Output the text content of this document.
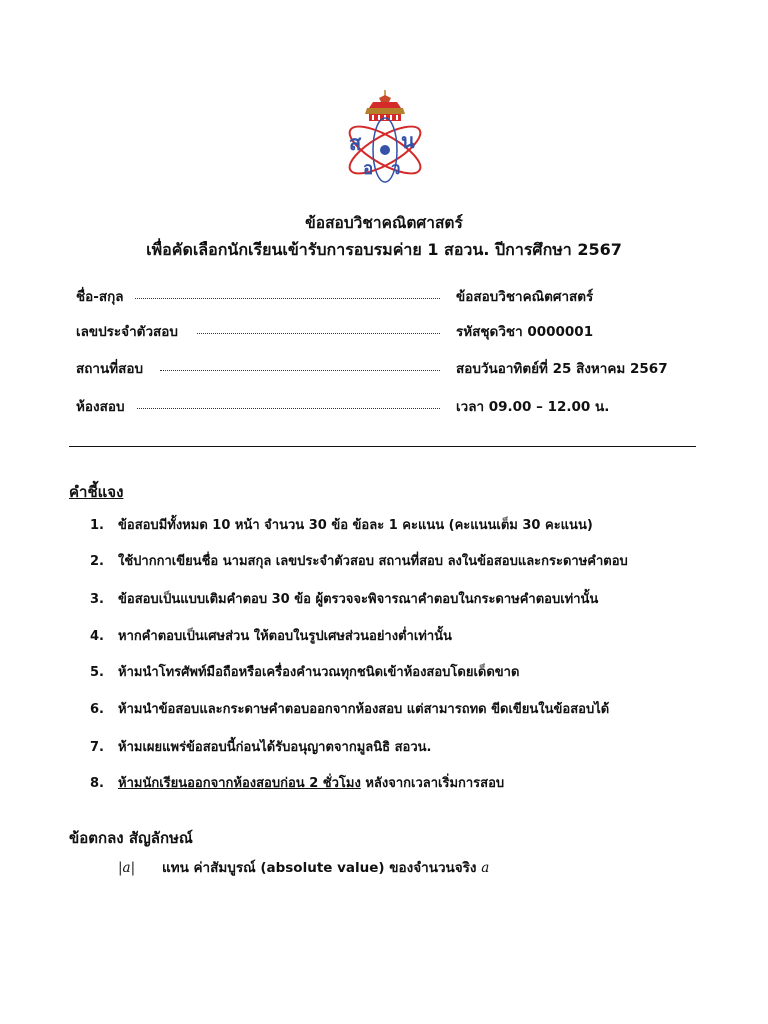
ส น
อ ว
ข้อสอบวิชาคณิตศาสตร์
เพื่อคัดเลือกนักเรียนเข้ารับการอบรมค่าย 1 สอวน. ปีการศึกษา 2567
ชื่อ-สกุล
เลขประจำตัวสอบ
สถานที่สอบ
ห้องสอบ
ข้อสอบวิชาคณิตศาสตร์
รหัสชุดวิชา 0000001
สอบวันอาทิตย์ที่ 25 สิงหาคม 2567
เวลา 09.00 – 12.00 น.
คำชี้แจง
1. ข้อสอบมีทั้งหมด 10 หน้า จำนวน 30 ข้อ ข้อละ 1 คะแนน (คะแนนเต็ม 30 คะแนน)
2. ใช้ปากกาเขียนชื่อ นามสกุล เลขประจำตัวสอบ สถานที่สอบ ลงในข้อสอบและกระดาษคำตอบ
3. ข้อสอบเป็นแบบเติมคำตอบ 30 ข้อ ผู้ตรวจจะพิจารณาคำตอบในกระดาษคำตอบเท่านั้น
4. หากคำตอบเป็นเศษส่วน ให้ตอบในรูปเศษส่วนอย่างต่ำเท่านั้น
5. ห้ามนำโทรศัพท์มือถือหรือเครื่องคำนวณทุกชนิดเข้าห้องสอบโดยเด็ดขาด
6. ห้ามนำข้อสอบและกระดาษคำตอบออกจากห้องสอบ แต่สามารถทด ขีดเขียนในข้อสอบได้
7. ห้ามเผยแพร่ข้อสอบนี้ก่อนได้รับอนุญาตจากมูลนิธิ สอวน.
8. ห้ามนักเรียนออกจากห้องสอบก่อน 2 ชั่วโมง หลังจากเวลาเริ่มการสอบ
ข้อตกลง สัญลักษณ์
|a| แทน ค่าสัมบูรณ์ (absolute value) ของจำนวนจริง a
